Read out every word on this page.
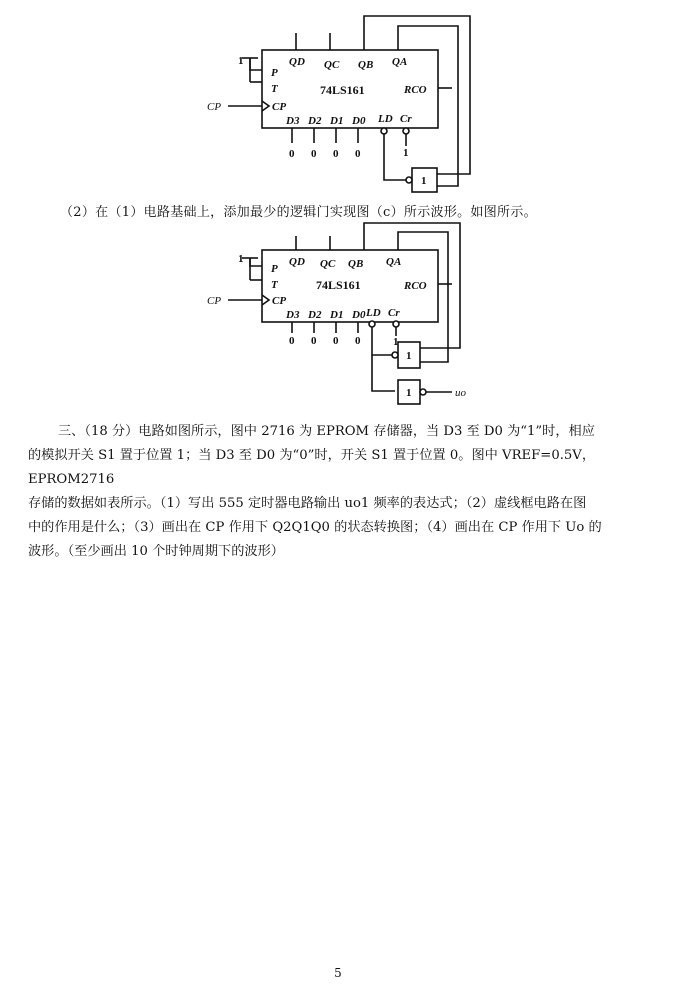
QD QC QB QA
P
T
CP
74LS161	RCO
CP
1
D3 D2 D1 D0 LD Cr
0 0 0 0	1
1
（2）在（1）电路基础上，添加最少的逻辑门实现图（c）所示波形。如图所示。
QD QC QB QA
P
T
CP
74LS161	RCO
CP
1
D3 D2 D1 D0 LD Cr
0 0 0 0	1
1
1	uo

三、（18 分）电路如图所示，图中 2716 为 EPROM 存储器，当 D3 至 D0 为“1”时，相应

的模拟开关 S1 置于位置 1；当 D3 至 D0 为“0”时，开关 S1 置于位置 0。图中 VREF=0.5V，EPROM2716

存储的数据如表所示。（1）写出 555 定时器电路输出 uo1 频率的表达式；（2）虚线框电路在图

中的作用是什么；（3）画出在 CP 作用下 Q2Q1Q0 的状态转换图；（4）画出在 CP 作用下 Uo 的

波形。（至少画出 10 个时钟周期下的波形）

5
